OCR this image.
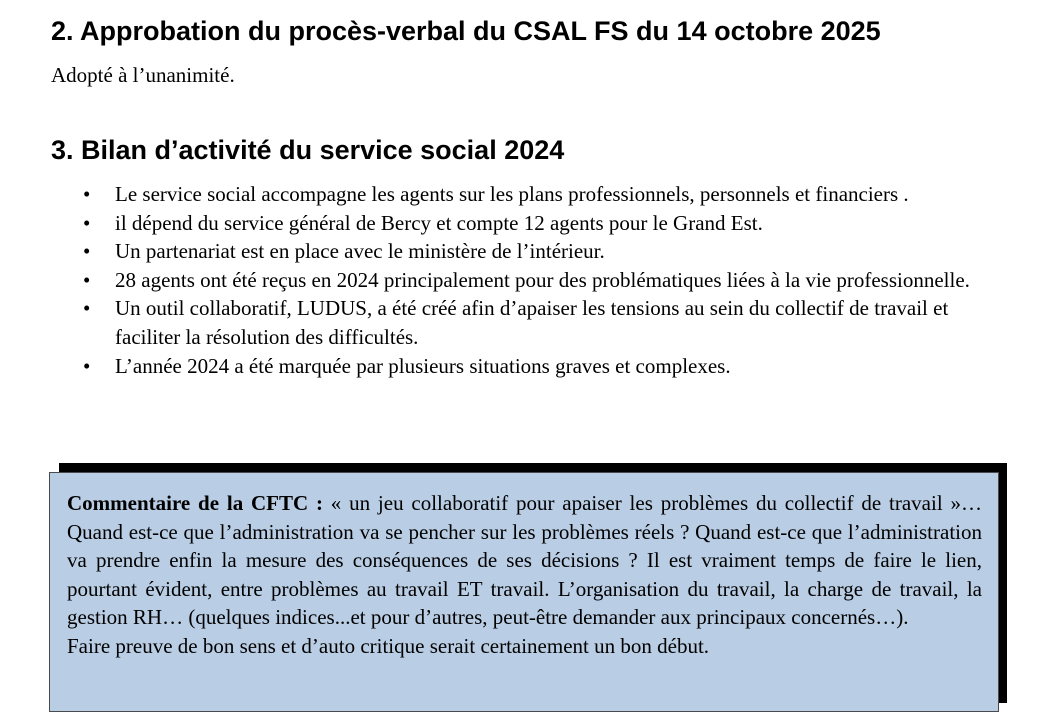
2. Approbation du procès-verbal du CSAL FS du 14 octobre 2025

Adopté à l’unanimité.

3. Bilan d’activité du service social 2024
• Le service social accompagne les agents sur les plans professionnels, personnels et financiers .
• il dépend du service général de Bercy et compte 12 agents pour le Grand Est.
• Un partenariat est en place avec le ministère de l’intérieur.
• 28 agents ont été reçus en 2024 principalement pour des problématiques liées à la vie professionnelle.
• Un outil collaboratif, LUDUS, a été créé afin d’apaiser les tensions au sein du collectif de travail et faciliter la résolution des difficultés.
• L’année 2024 a été marquée par plusieurs situations graves et complexes.
Commentaire de la CFTC : « un jeu collaboratif pour apaiser les problèmes du collectif de travail »… Quand est-ce que l’administration va se pencher sur les problèmes réels ? Quand est-ce que l’administration va prendre enfin la mesure des conséquences de ses décisions ? Il est vraiment temps de faire le lien, pourtant évident, entre problèmes au travail ET travail. L’organisation du travail, la charge de travail, la gestion RH… (quelques indices...et pour d’autres, peut-être demander aux principaux concernés…).
Faire preuve de bon sens et d’auto critique serait certainement un bon début.
